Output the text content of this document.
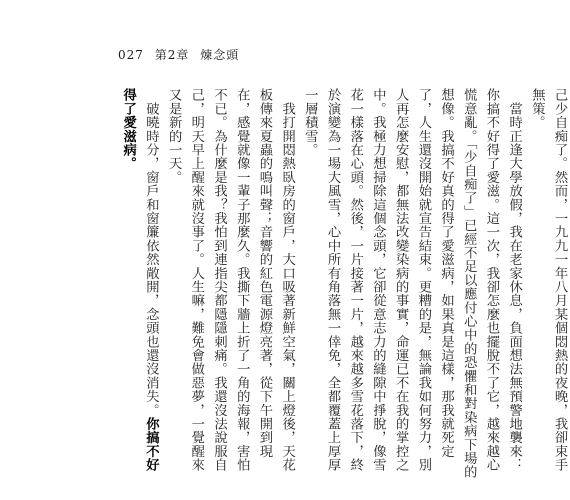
027 第2章 煉念頭

己少自痴了。然而，一九九一年八月某個悶熱的夜晚，我卻束手無策。

　當時正逢大學放假，我在老家休息，負面想法無預警地襲來：你搞不好得了愛滋。這一次，我卻怎麼也擺脫不了它，越來越心慌意亂。「少自痴了」已經不足以應付心中的恐懼和對染病下場的想像。我搞不好真的得了愛滋病，如果真是這樣，那我就死定了，人生還沒開始就宣告結束。更糟的是，無論我如何努力，別人再怎麼安慰，都無法改變染病的事實，命運已不在我的掌控之中。我極力想掃除這個念頭，它卻從意志力的縫隙中掙脫，像雪花一樣落在心頭。然後，一片接著一片，越來越多雪花落下，終於演變為一場大風雪，心中所有角落無一倖免，全都覆蓋上厚厚一層積雪。

　我打開悶熱臥房的窗戶，大口吸著新鮮空氣，關上燈後，天花板傳來夏蟲的鳴叫聲；音響的紅色電源燈亮著，從下午開到現在，感覺就像一輩子那麼久。我撕下牆上折了一角的海報，害怕不已。為什麼是我？我怕到連指尖都隱隱刺痛。我還沒法說服自己，明天早上醒來就沒事了。人生嘛，難免會做惡夢，一覺醒來又是新的一天。

　破曉時分，窗戶和窗簾依然敞開，念頭也還沒消失。你搞不好得了愛滋病。
